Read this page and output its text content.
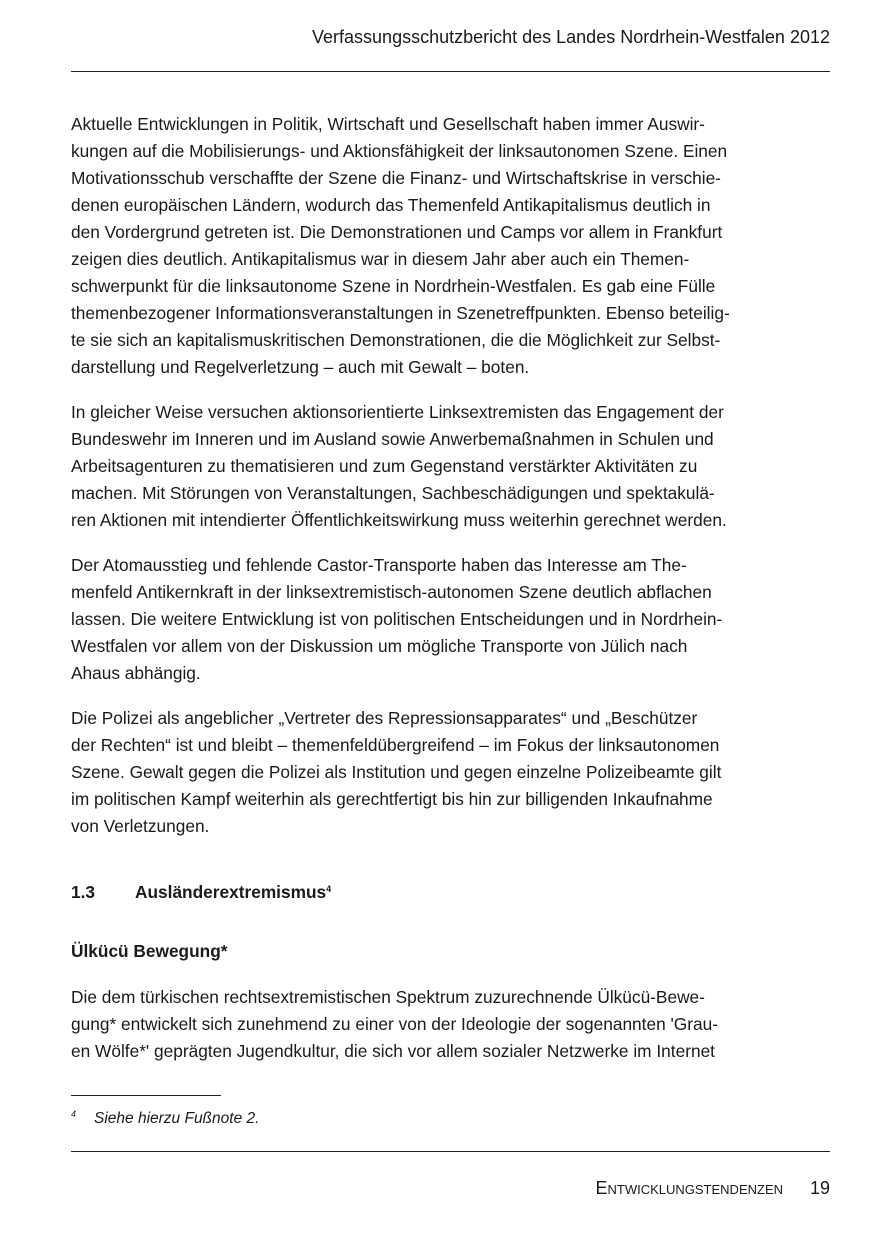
Verfassungsschutzbericht des Landes Nordrhein-Westfalen 2012
Aktuelle Entwicklungen in Politik, Wirtschaft und Gesellschaft haben immer Auswir-
kungen auf die Mobilisierungs- und Aktionsfähigkeit der linksautonomen Szene. Einen
Motivationsschub verschaffte der Szene die Finanz- und Wirtschaftskrise in verschie-
denen europäischen Ländern, wodurch das Themenfeld Antikapitalismus deutlich in
den Vordergrund getreten ist. Die Demonstrationen und Camps vor allem in Frankfurt
zeigen dies deutlich. Antikapitalismus war in diesem Jahr aber auch ein Themen-
schwerpunkt für die linksautonome Szene in Nordrhein-Westfalen. Es gab eine Fülle
themenbezogener Informationsveranstaltungen in Szenetreffpunkten. Ebenso beteilig-
te sie sich an kapitalismuskritischen Demonstrationen, die die Möglichkeit zur Selbst-
darstellung und Regelverletzung – auch mit Gewalt – boten.
In gleicher Weise versuchen aktionsorientierte Linksextremisten das Engagement der
Bundeswehr im Inneren und im Ausland sowie Anwerbemaßnahmen in Schulen und
Arbeitsagenturen zu thematisieren und zum Gegenstand verstärkter Aktivitäten zu
machen. Mit Störungen von Veranstaltungen, Sachbeschädigungen und spektakulä-
ren Aktionen mit intendierter Öffentlichkeitswirkung muss weiterhin gerechnet werden.
Der Atomausstieg und fehlende Castor-Transporte haben das Interesse am The-
menfeld Antikernkraft in der linksextremistisch-autonomen Szene deutlich abflachen
lassen. Die weitere Entwicklung ist von politischen Entscheidungen und in Nordrhein-
Westfalen vor allem von der Diskussion um mögliche Transporte von Jülich nach
Ahaus abhängig.
Die Polizei als angeblicher „Vertreter des Repressionsapparates“ und „Beschützer
der Rechten“ ist und bleibt – themenfeldübergreifend – im Fokus der linksautonomen
Szene. Gewalt gegen die Polizei als Institution und gegen einzelne Polizeibeamte gilt
im politischen Kampf weiterhin als gerechtfertigt bis hin zur billigenden Inkaufnahme
von Verletzungen.
1.3 Ausländerextremismus$^4$
Ülkücü Bewegung*
Die dem türkischen rechtsextremistischen Spektrum zuzurechnende Ülkücü-Bewe-
gung* entwickelt sich zunehmend zu einer von der Ideologie der sogenannten 'Grau-
en Wölfe*' geprägten Jugendkultur, die sich vor allem sozialer Netzwerke im Internet
4 Siehe hierzu Fußnote 2.
Entwicklungstendenzen 19
